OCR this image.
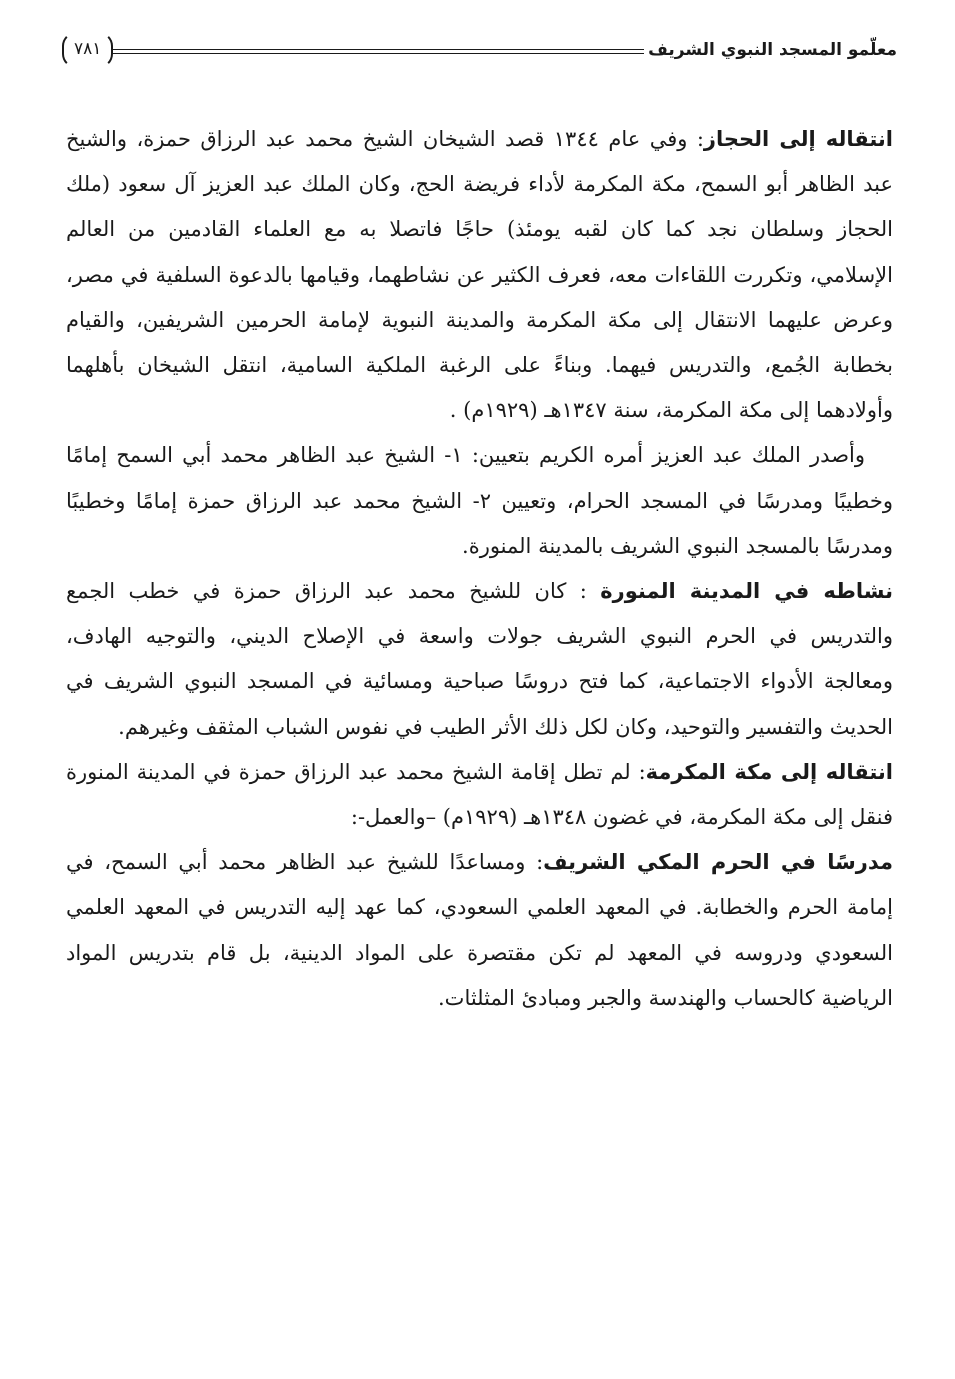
معلّمو المسجد النبوي الشريف
٧٨١

انتقاله إلى الحجاز: وفي عام ١٣٤٤ قصد الشيخان الشيخ محمد عبد الرزاق حمزة، والشيخ عبد الظاهر أبو السمح، مكة المكرمة لأداء فريضة الحج، وكان الملك عبد العزيز آل سعود (ملك الحجاز وسلطان نجد كما كان لقبه يومئذ) حاجًا فاتصلا به مع العلماء القادمين من العالم الإسلامي، وتكررت اللقاءات معه، فعرف الكثير عن نشاطهما، وقيامها بالدعوة السلفية في مصر، وعرض عليهما الانتقال إلى مكة المكرمة والمدينة النبوية لإمامة الحرمين الشريفين، والقيام بخطابة الجُمع، والتدريس فيهما. وبناءً على الرغبة الملكية السامية، انتقل الشيخان بأهلهما وأولادهما إلى مكة المكرمة، سنة ١٣٤٧هـ (١٩٢٩م) .

وأصدر الملك عبد العزيز أمره الكريم بتعيين: ١- الشيخ عبد الظاهر محمد أبي السمح إمامًا وخطيبًا ومدرسًا في المسجد الحرام، وتعيين ٢- الشيخ محمد عبد الرزاق حمزة إمامًا وخطيبًا ومدرسًا بالمسجد النبوي الشريف بالمدينة المنورة.

نشاطه في المدينة المنورة : كان للشيخ محمد عبد الرزاق حمزة في خطب الجمع والتدريس في الحرم النبوي الشريف جولات واسعة في الإصلاح الديني، والتوجيه الهادف، ومعالجة الأدواء الاجتماعية، كما فتح دروسًا صباحية ومسائية في المسجد النبوي الشريف في الحديث والتفسير والتوحيد، وكان لكل ذلك الأثر الطيب في نفوس الشباب المثقف وغيرهم.

انتقاله إلى مكة المكرمة: لم تطل إقامة الشيخ محمد عبد الرزاق حمزة في المدينة المنورة فنقل إلى مكة المكرمة، في غضون ١٣٤٨هـ (١٩٢٩م) –والعمل-:

مدرسًا في الحرم المكي الشريف: ومساعدًا للشيخ عبد الظاهر محمد أبي السمح، في إمامة الحرم والخطابة. في المعهد العلمي السعودي، كما عهد إليه التدريس في المعهد العلمي السعودي ودروسه في المعهد لم تكن مقتصرة على المواد الدينية، بل قام بتدريس المواد الرياضية كالحساب والهندسة والجبر ومبادئ المثلثات.
